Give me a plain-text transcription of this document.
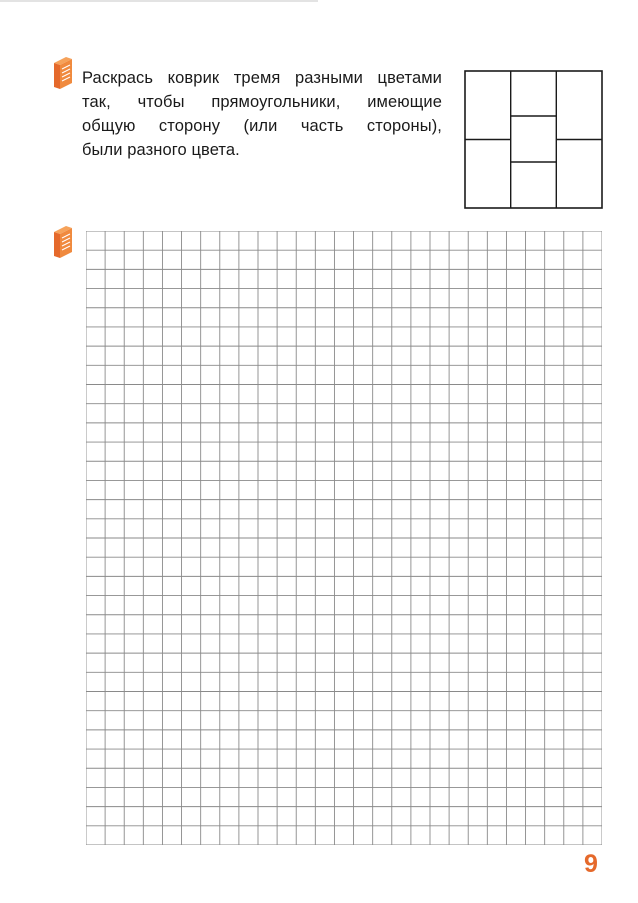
Раскрась коврик тремя разными цветами
так, чтобы прямоугольники, имеющие
общую сторону (или часть стороны),
были разного цвета.
9
